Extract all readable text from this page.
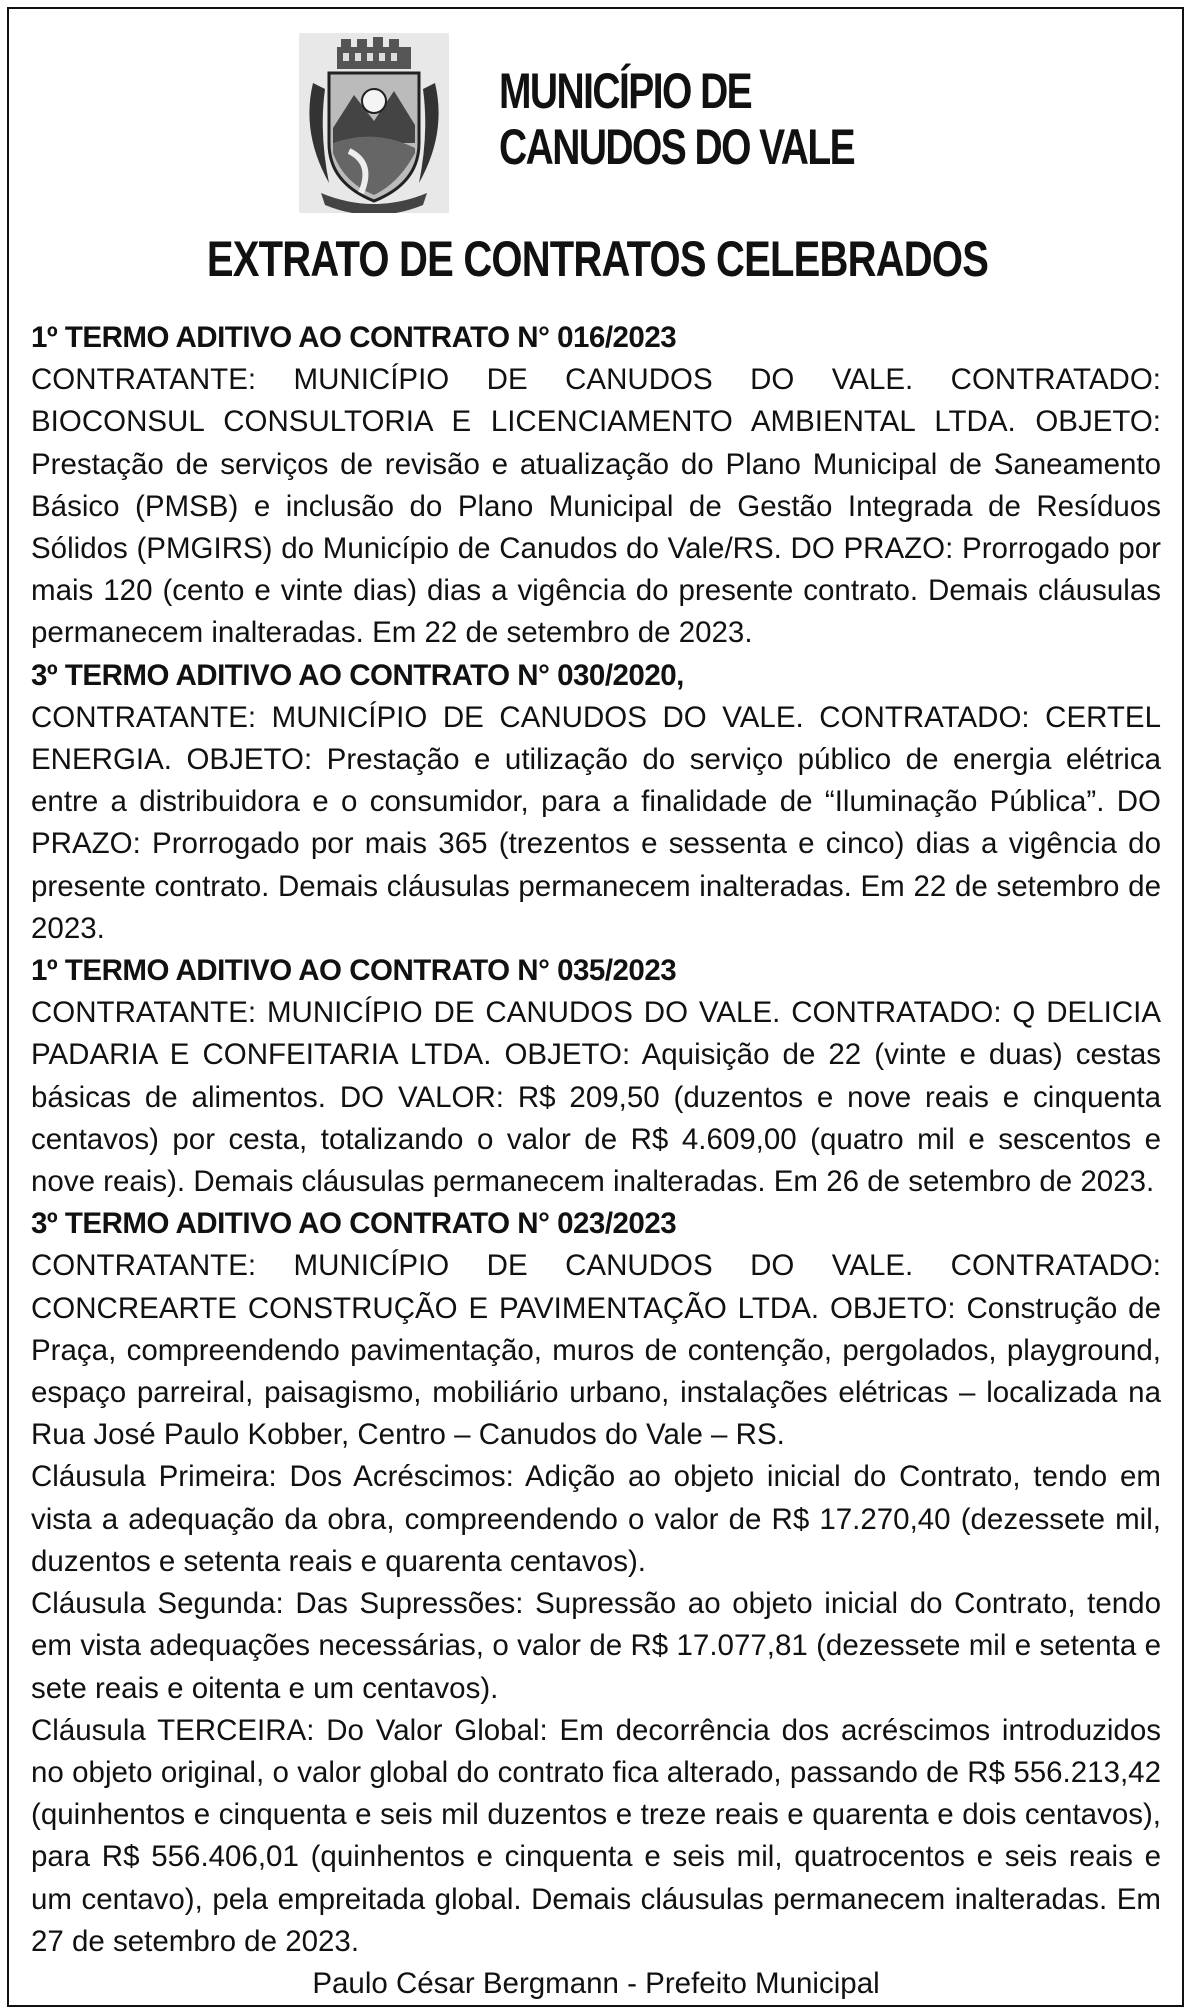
MUNICÍPIO DE
CANUDOS DO VALE
EXTRATO DE CONTRATOS CELEBRADOS
1º TERMO ADITIVO AO CONTRATO N° 016/2023

CONTRATANTE: MUNICÍPIO DE CANUDOS DO VALE. CONTRATADO: BIOCONSUL CONSULTORIA E LICENCIAMENTO AMBIENTAL LTDA. OBJETO: Prestação de serviços de revisão e atualização do Plano Municipal de Saneamento Básico (PMSB) e inclusão do Plano Municipal de Gestão Integrada de Resíduos Sólidos (PMGIRS) do Município de Canudos do Vale/RS. DO PRAZO: Prorrogado por mais 120 (cento e vinte dias) dias a vigência do presente contrato. Demais cláusulas permanecem inalteradas. Em 22 de setembro de 2023.

3º TERMO ADITIVO AO CONTRATO N° 030/2020,

CONTRATANTE: MUNICÍPIO DE CANUDOS DO VALE. CONTRATADO: CERTEL ENERGIA. OBJETO: Prestação e utilização do serviço público de energia elétrica entre a distribuidora e o consumidor, para a finalidade de “Iluminação Pública”. DO PRAZO: Prorrogado por mais 365 (trezentos e sessenta e cinco) dias a vigência do presente contrato. Demais cláusulas permanecem inalteradas. Em 22 de setembro de 2023.

1º TERMO ADITIVO AO CONTRATO N° 035/2023

CONTRATANTE: MUNICÍPIO DE CANUDOS DO VALE. CONTRATADO: Q DELICIA PADARIA E CONFEITARIA LTDA. OBJETO: Aquisição de 22 (vinte e duas) cestas básicas de alimentos. DO VALOR: R$ 209,50 (duzentos e nove reais e cinquenta centavos) por cesta, totalizando o valor de R$ 4.609,00 (quatro mil e sescentos e nove reais). Demais cláusulas permanecem inalteradas. Em 26 de setembro de 2023.

3º TERMO ADITIVO AO CONTRATO N° 023/2023

CONTRATANTE: MUNICÍPIO DE CANUDOS DO VALE. CONTRATADO: CONCREARTE CONSTRUÇÃO E PAVIMENTAÇÃO LTDA. OBJETO: Construção de Praça, compreendendo pavimentação, muros de contenção, pergolados, playground, espaço parreiral, paisagismo, mobiliário urbano, instalações elétricas – localizada na Rua José Paulo Kobber, Centro – Canudos do Vale – RS.

Cláusula Primeira: Dos Acréscimos: Adição ao objeto inicial do Contrato, tendo em vista a adequação da obra, compreendendo o valor de R$ 17.270,40 (dezessete mil, duzentos e setenta reais e quarenta centavos).

Cláusula Segunda: Das Supressões: Supressão ao objeto inicial do Contrato, tendo em vista adequações necessárias, o valor de R$ 17.077,81 (dezessete mil e setenta e sete reais e oitenta e um centavos).

Cláusula TERCEIRA: Do Valor Global: Em decorrência dos acréscimos introduzidos no objeto original, o valor global do contrato fica alterado, passando de R$ 556.213,42 (quinhentos e cinquenta e seis mil duzentos e treze reais e quarenta e dois centavos), para R$ 556.406,01 (quinhentos e cinquenta e seis mil, quatrocentos e seis reais e um centavo), pela empreitada global. Demais cláusulas permanecem inalteradas. Em 27 de setembro de 2023.

Paulo César Bergmann - Prefeito Municipal
